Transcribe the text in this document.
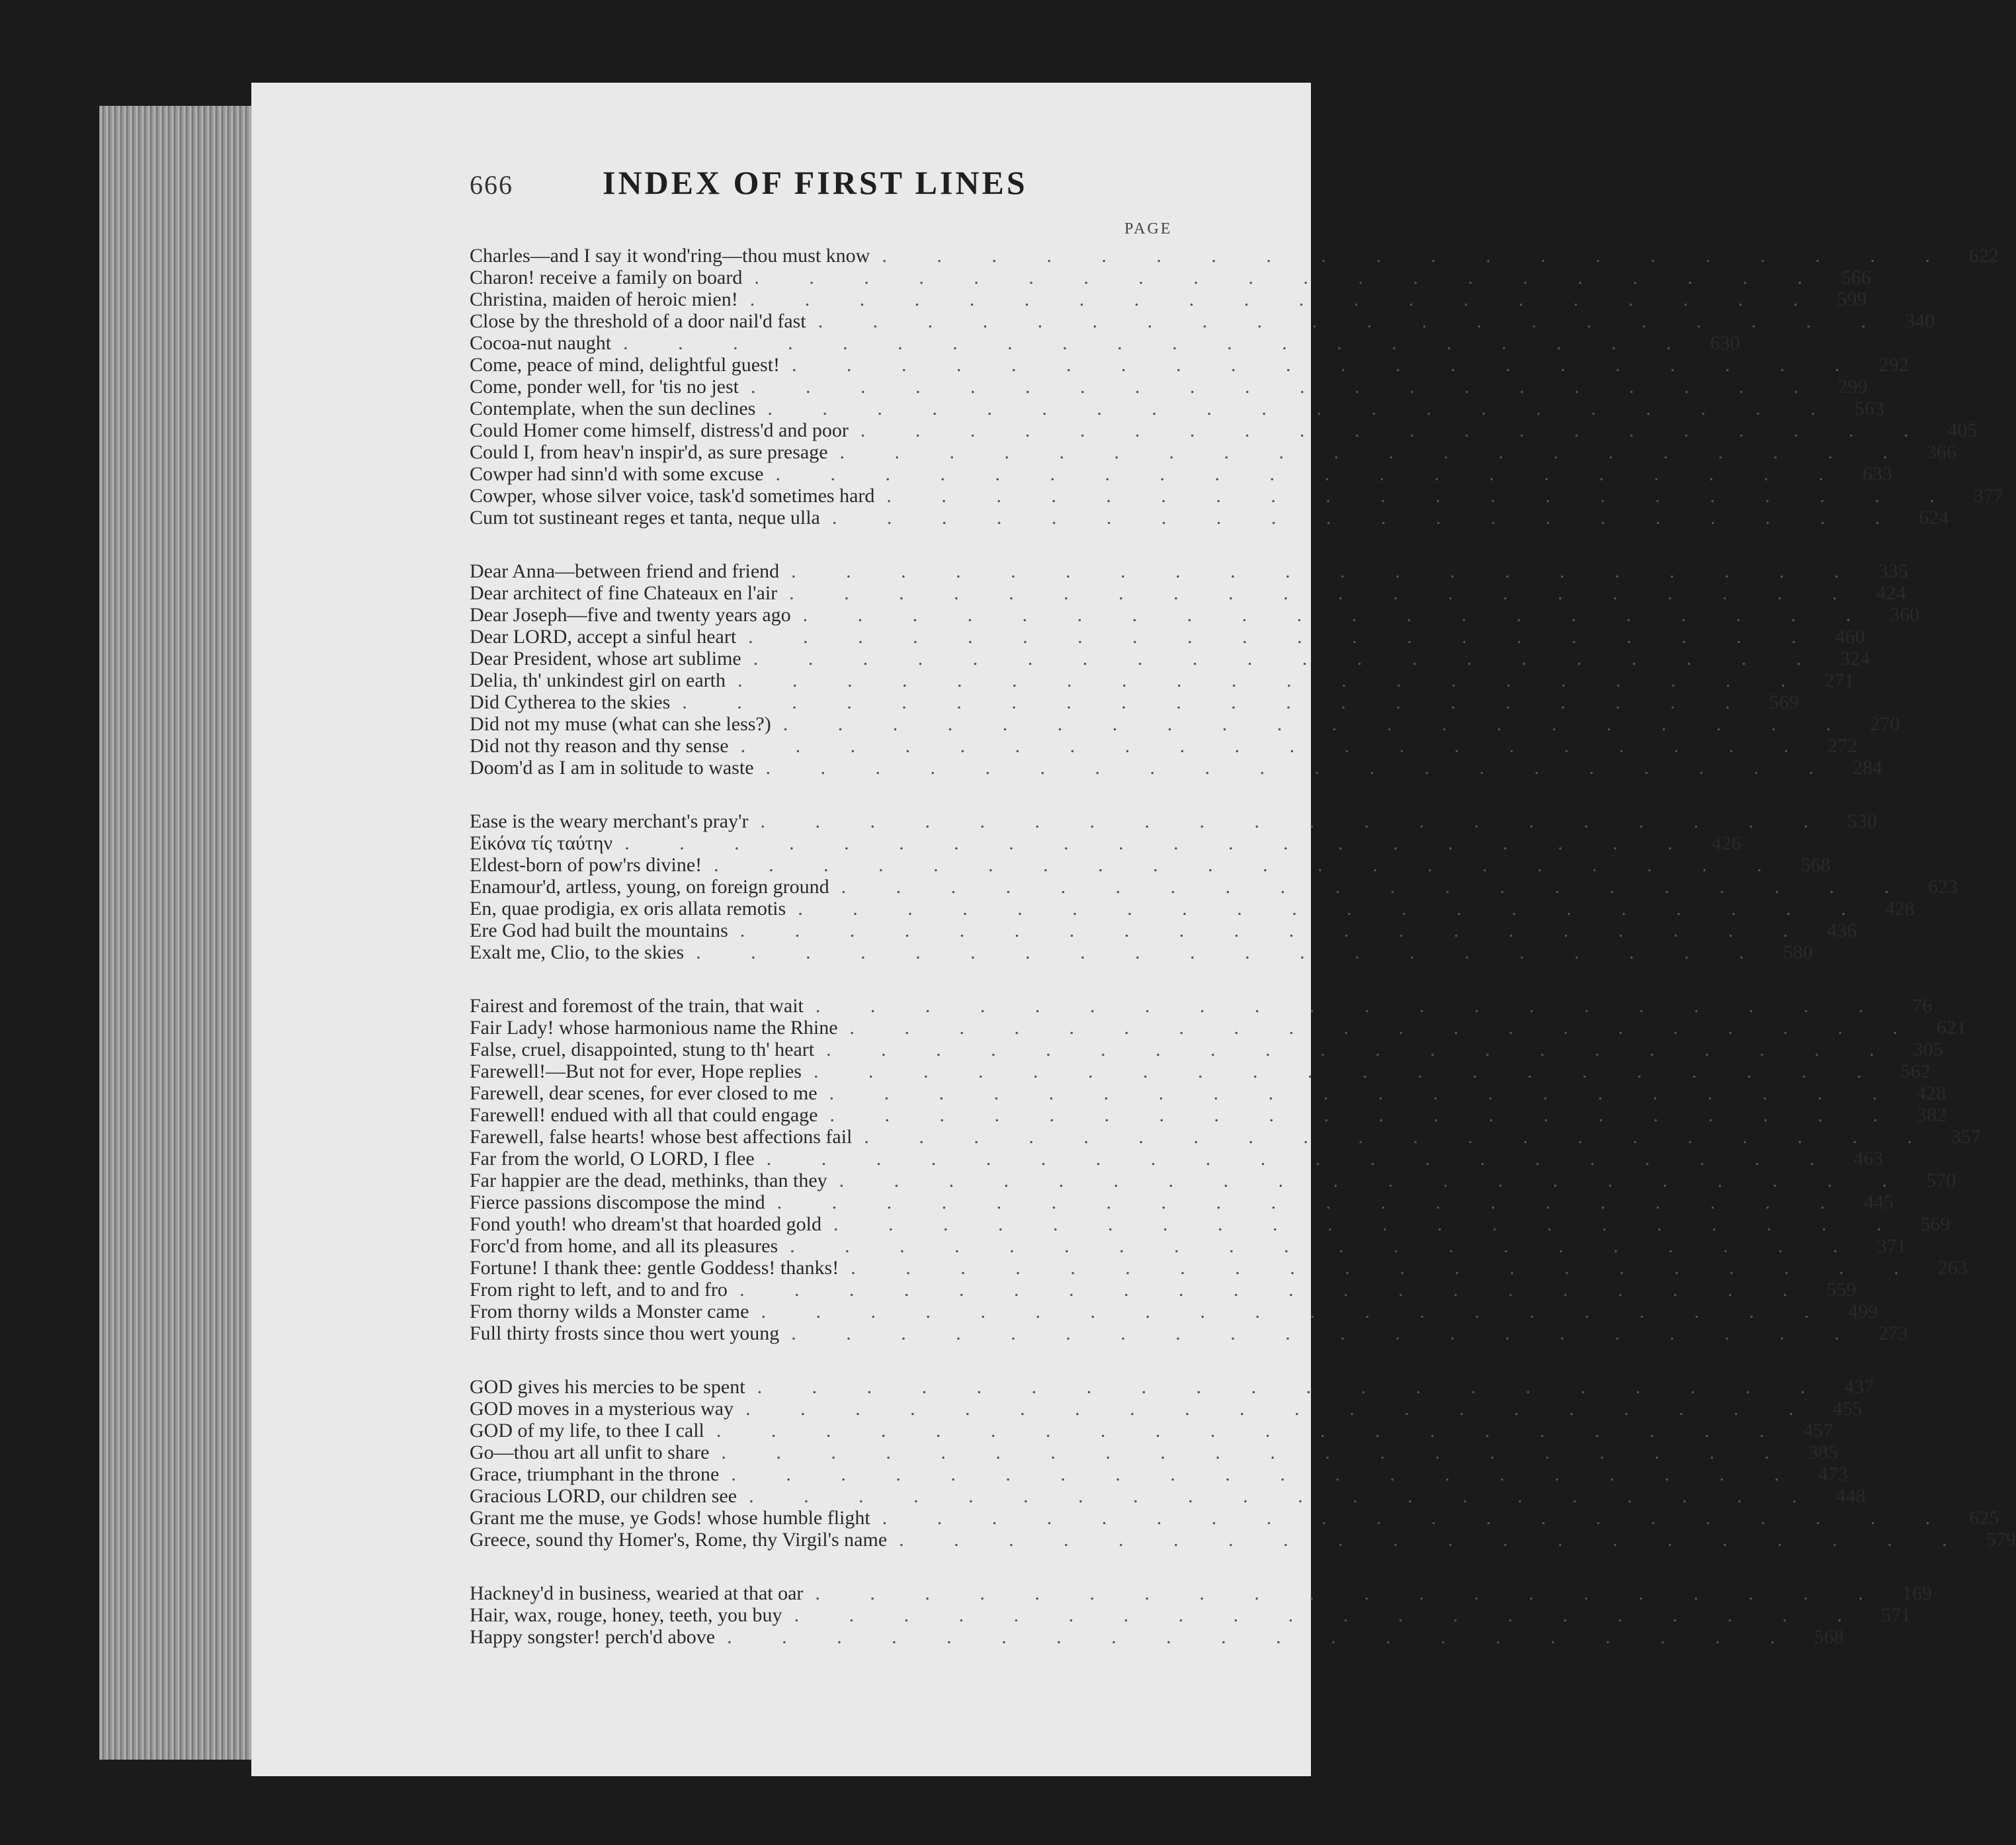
666	INDEX OF FIRST LINES
PAGE
Charles—and I say it wond'ring—thou must know . . .	622
Charon! receive a family on board . . .	566
Christina, maiden of heroic mien! . . .	599
Close by the threshold of a door nail'd fast . . .	340
Cocoa-nut naught . . .	630
Come, peace of mind, delightful guest! . . .	292
Come, ponder well, for 'tis no jest . . .	299
Contemplate, when the sun declines . . .	563
Could Homer come himself, distress'd and poor . . .	405
Could I, from heav'n inspir'd, as sure presage . . .	366
Cowper had sinn'd with some excuse . . .	633
Cowper, whose silver voice, task'd sometimes hard . . .	377
Cum tot sustineant reges et tanta, neque ulla . . .	624
Dear Anna—between friend and friend . . .	335
Dear architect of fine Chateaux en l'air . . .	424
Dear Joseph—five and twenty years ago . . .	360
Dear LORD, accept a sinful heart . . .	460
Dear President, whose art sublime . . .	324
Delia, th' unkindest girl on earth . . .	271
Did Cytherea to the skies . . .	569
Did not my muse (what can she less?) . . .	270
Did not thy reason and thy sense . . .	272
Doom'd as I am in solitude to waste . . .	284
Ease is the weary merchant's pray'r . . .	530
Εἰκόνα τίς ταύτην . . .	426
Eldest-born of pow'rs divine! . . .	568
Enamour'd, artless, young, on foreign ground . . .	623
En, quae prodigia, ex oris allata remotis . . .	428
Ere God had built the mountains . . .	436
Exalt me, Clio, to the skies . . .	580
Fairest and foremost of the train, that wait . . .	76
Fair Lady! whose harmonious name the Rhine . . .	621
False, cruel, disappointed, stung to th' heart . . .	305
Farewell!—But not for ever, Hope replies . . .	562
Farewell, dear scenes, for ever closed to me . . .	428
Farewell! endued with all that could engage . . .	382
Farewell, false hearts! whose best affections fail . . .	357
Far from the world, O LORD, I flee . . .	463
Far happier are the dead, methinks, than they . . .	570
Fierce passions discompose the mind . . .	445
Fond youth! who dream'st that hoarded gold . . .	569
Forc'd from home, and all its pleasures . . .	371
Fortune! I thank thee: gentle Goddess! thanks! . . .	263
From right to left, and to and fro . . .	559
From thorny wilds a Monster came . . .	499
Full thirty frosts since thou wert young . . .	273
GOD gives his mercies to be spent . . .	437
GOD moves in a mysterious way . . .	455
GOD of my life, to thee I call . . .	457
Go—thou art all unfit to share . . .	385
Grace, triumphant in the throne . . .	473
Gracious LORD, our children see . . .	448
Grant me the muse, ye Gods! whose humble flight . . .	625
Greece, sound thy Homer's, Rome, thy Virgil's name . . .	579
Hackney'd in business, wearied at that oar . . .	169
Hair, wax, rouge, honey, teeth, you buy . . .	571
Happy songster! perch'd above . . .	568
